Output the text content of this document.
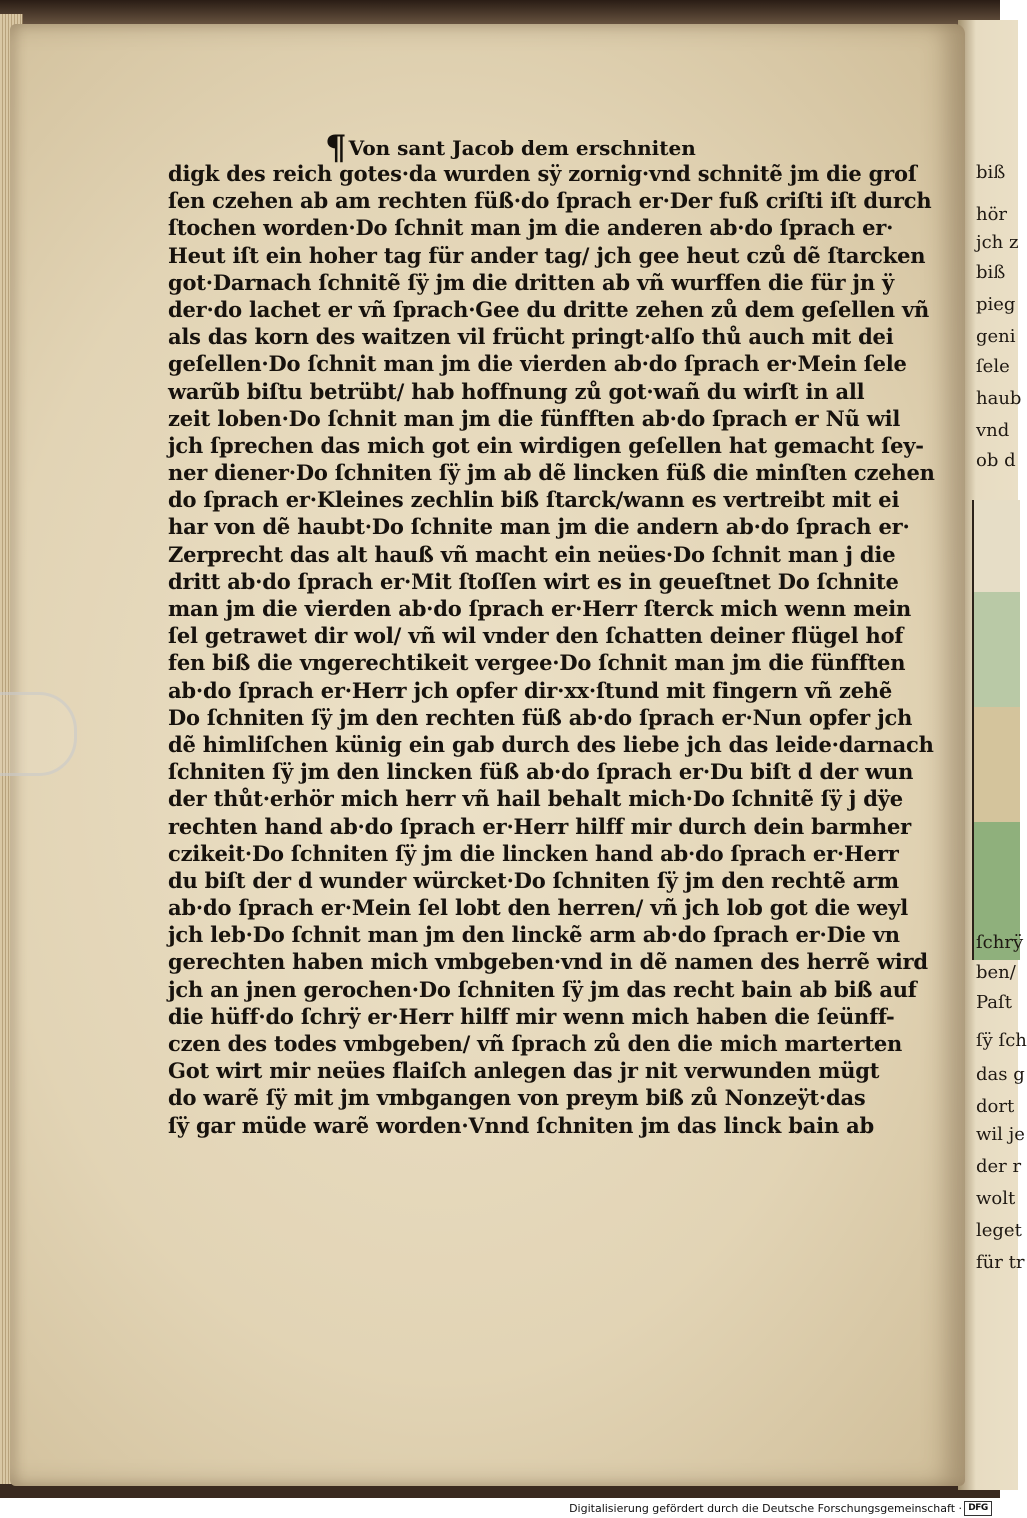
biß
hör
jch z
biß
pieg
geni
ſele
haub
vnd
ob d
ſchrÿ
ben/
Paſt
ſÿ ſch
das g
dort
wil je
der r
wolt
leget
für tr
¶ Von sant Jacob dem erschniten
digk des reich gotes·da wurden sÿ zornig·vnd schnitẽ jm die groſ
ſen czehen ab am rechten füß·do ſprach er·Der fuß criſti iſt durch
ſtochen worden·Do ſchnit man jm die anderen ab·do ſprach er·
Heut iſt ein hoher tag für ander tag/ jch gee heut czů dẽ ſtarcken
got·Darnach ſchnitẽ ſÿ jm die dritten ab vñ wurffen die für jn ÿ
der·do lachet er vñ ſprach·Gee du dritte zehen zů dem geſellen vñ
als das korn des waitzen vil frücht pringt·alſo thů auch mit dei
geſellen·Do ſchnit man jm die vierden ab·do ſprach er·Mein ſele
warũb biſtu betrübt/ hab hoffnung zů got·wañ du wirſt in all
zeit loben·Do ſchnit man jm die fünfften ab·do ſprach er Nũ wil
jch ſprechen das mich got ein wirdigen geſellen hat gemacht ſey-
ner diener·Do ſchniten ſÿ jm ab dẽ lincken füß die minſten czehen
do ſprach er·Kleines zechlin biß ſtarck/wann es vertreibt mit ei
har von dẽ haubt·Do ſchnite man jm die andern ab·do ſprach er·
Zerprecht das alt hauß vñ macht ein neües·Do ſchnit man j die
dritt ab·do ſprach er·Mit ſtoſſen wirt es in geueſtnet Do ſchnite
man jm die vierden ab·do ſprach er·Herr ſterck mich wenn mein
ſel getrawet dir wol/ vñ wil vnder den ſchatten deiner flügel hof
fen biß die vngerechtikeit vergee·Do ſchnit man jm die fünfften
ab·do ſprach er·Herr jch opfer dir·xx·ſtund mit fingern vñ zehẽ
Do ſchniten ſÿ jm den rechten füß ab·do ſprach er·Nun opfer jch
dẽ himliſchen künig ein gab durch des liebe jch das leide·darnach
ſchniten ſÿ jm den lincken füß ab·do ſprach er·Du biſt d der wun
der thůt·erhör mich herr vñ hail behalt mich·Do ſchnitẽ ſÿ j dÿe
rechten hand ab·do ſprach er·Herr hilff mir durch dein barmher
czikeit·Do ſchniten ſÿ jm die lincken hand ab·do ſprach er·Herr
du biſt der d wunder würcket·Do ſchniten ſÿ jm den rechtẽ arm
ab·do ſprach er·Mein ſel lobt den herren/ vñ jch lob got die weyl
jch leb·Do ſchnit man jm den linckẽ arm ab·do ſprach er·Die vn
gerechten haben mich vmbgeben·vnd in dẽ namen des herrẽ wird
jch an jnen gerochen·Do ſchniten ſÿ jm das recht bain ab biß auf
die hüff·do ſchrÿ er·Herr hilff mir wenn mich haben die ſeünff-
czen des todes vmbgeben/ vñ ſprach zů den die mich marterten
Got wirt mir neües flaiſch anlegen das jr nit verwunden mügt
do warẽ ſÿ mit jm vmbgangen von preym biß zů Nonzeÿt·das
ſÿ gar müde warẽ worden·Vnnd ſchniten jm das linck bain ab
Digitalisierung gefördert durch die Deutsche Forschungsgemeinschaft · DFG
